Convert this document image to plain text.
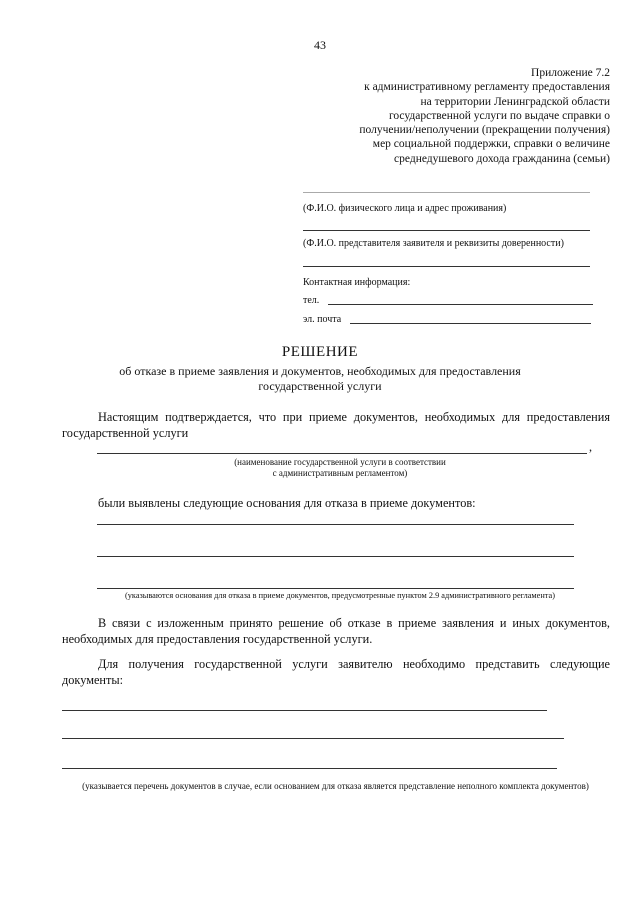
43
Приложение 7.2
к административному регламенту предоставления
на территории Ленинградской области
государственной услуги по выдаче справки о
получении/неполучении (прекращении получения)
мер социальной поддержки, справки о величине
среднедушевого дохода гражданина (семьи)
(Ф.И.О. физического лица и адрес проживания)
(Ф.И.О. представителя заявителя и реквизиты доверенности)
Контактная информация:
тел.
эл. почта
РЕШЕНИЕ
об отказе в приеме заявления и документов, необходимых для предоставления государственной услуги
Настоящим подтверждается, что при приеме документов, необходимых для предоставления государственной услуги
,
(наименование государственной услуги в соответствии
с административным регламентом)
были выявлены следующие основания для отказа в приеме документов:
(указываются основания для отказа в приеме документов, предусмотренные пунктом 2.9 административного регламента)
В связи с изложенным принято решение об отказе в приеме заявления и иных документов, необходимых для предоставления государственной услуги.
Для получения государственной услуги заявителю необходимо представить следующие документы:
(указывается перечень документов в случае, если основанием для отказа является представление неполного комплекта документов)
